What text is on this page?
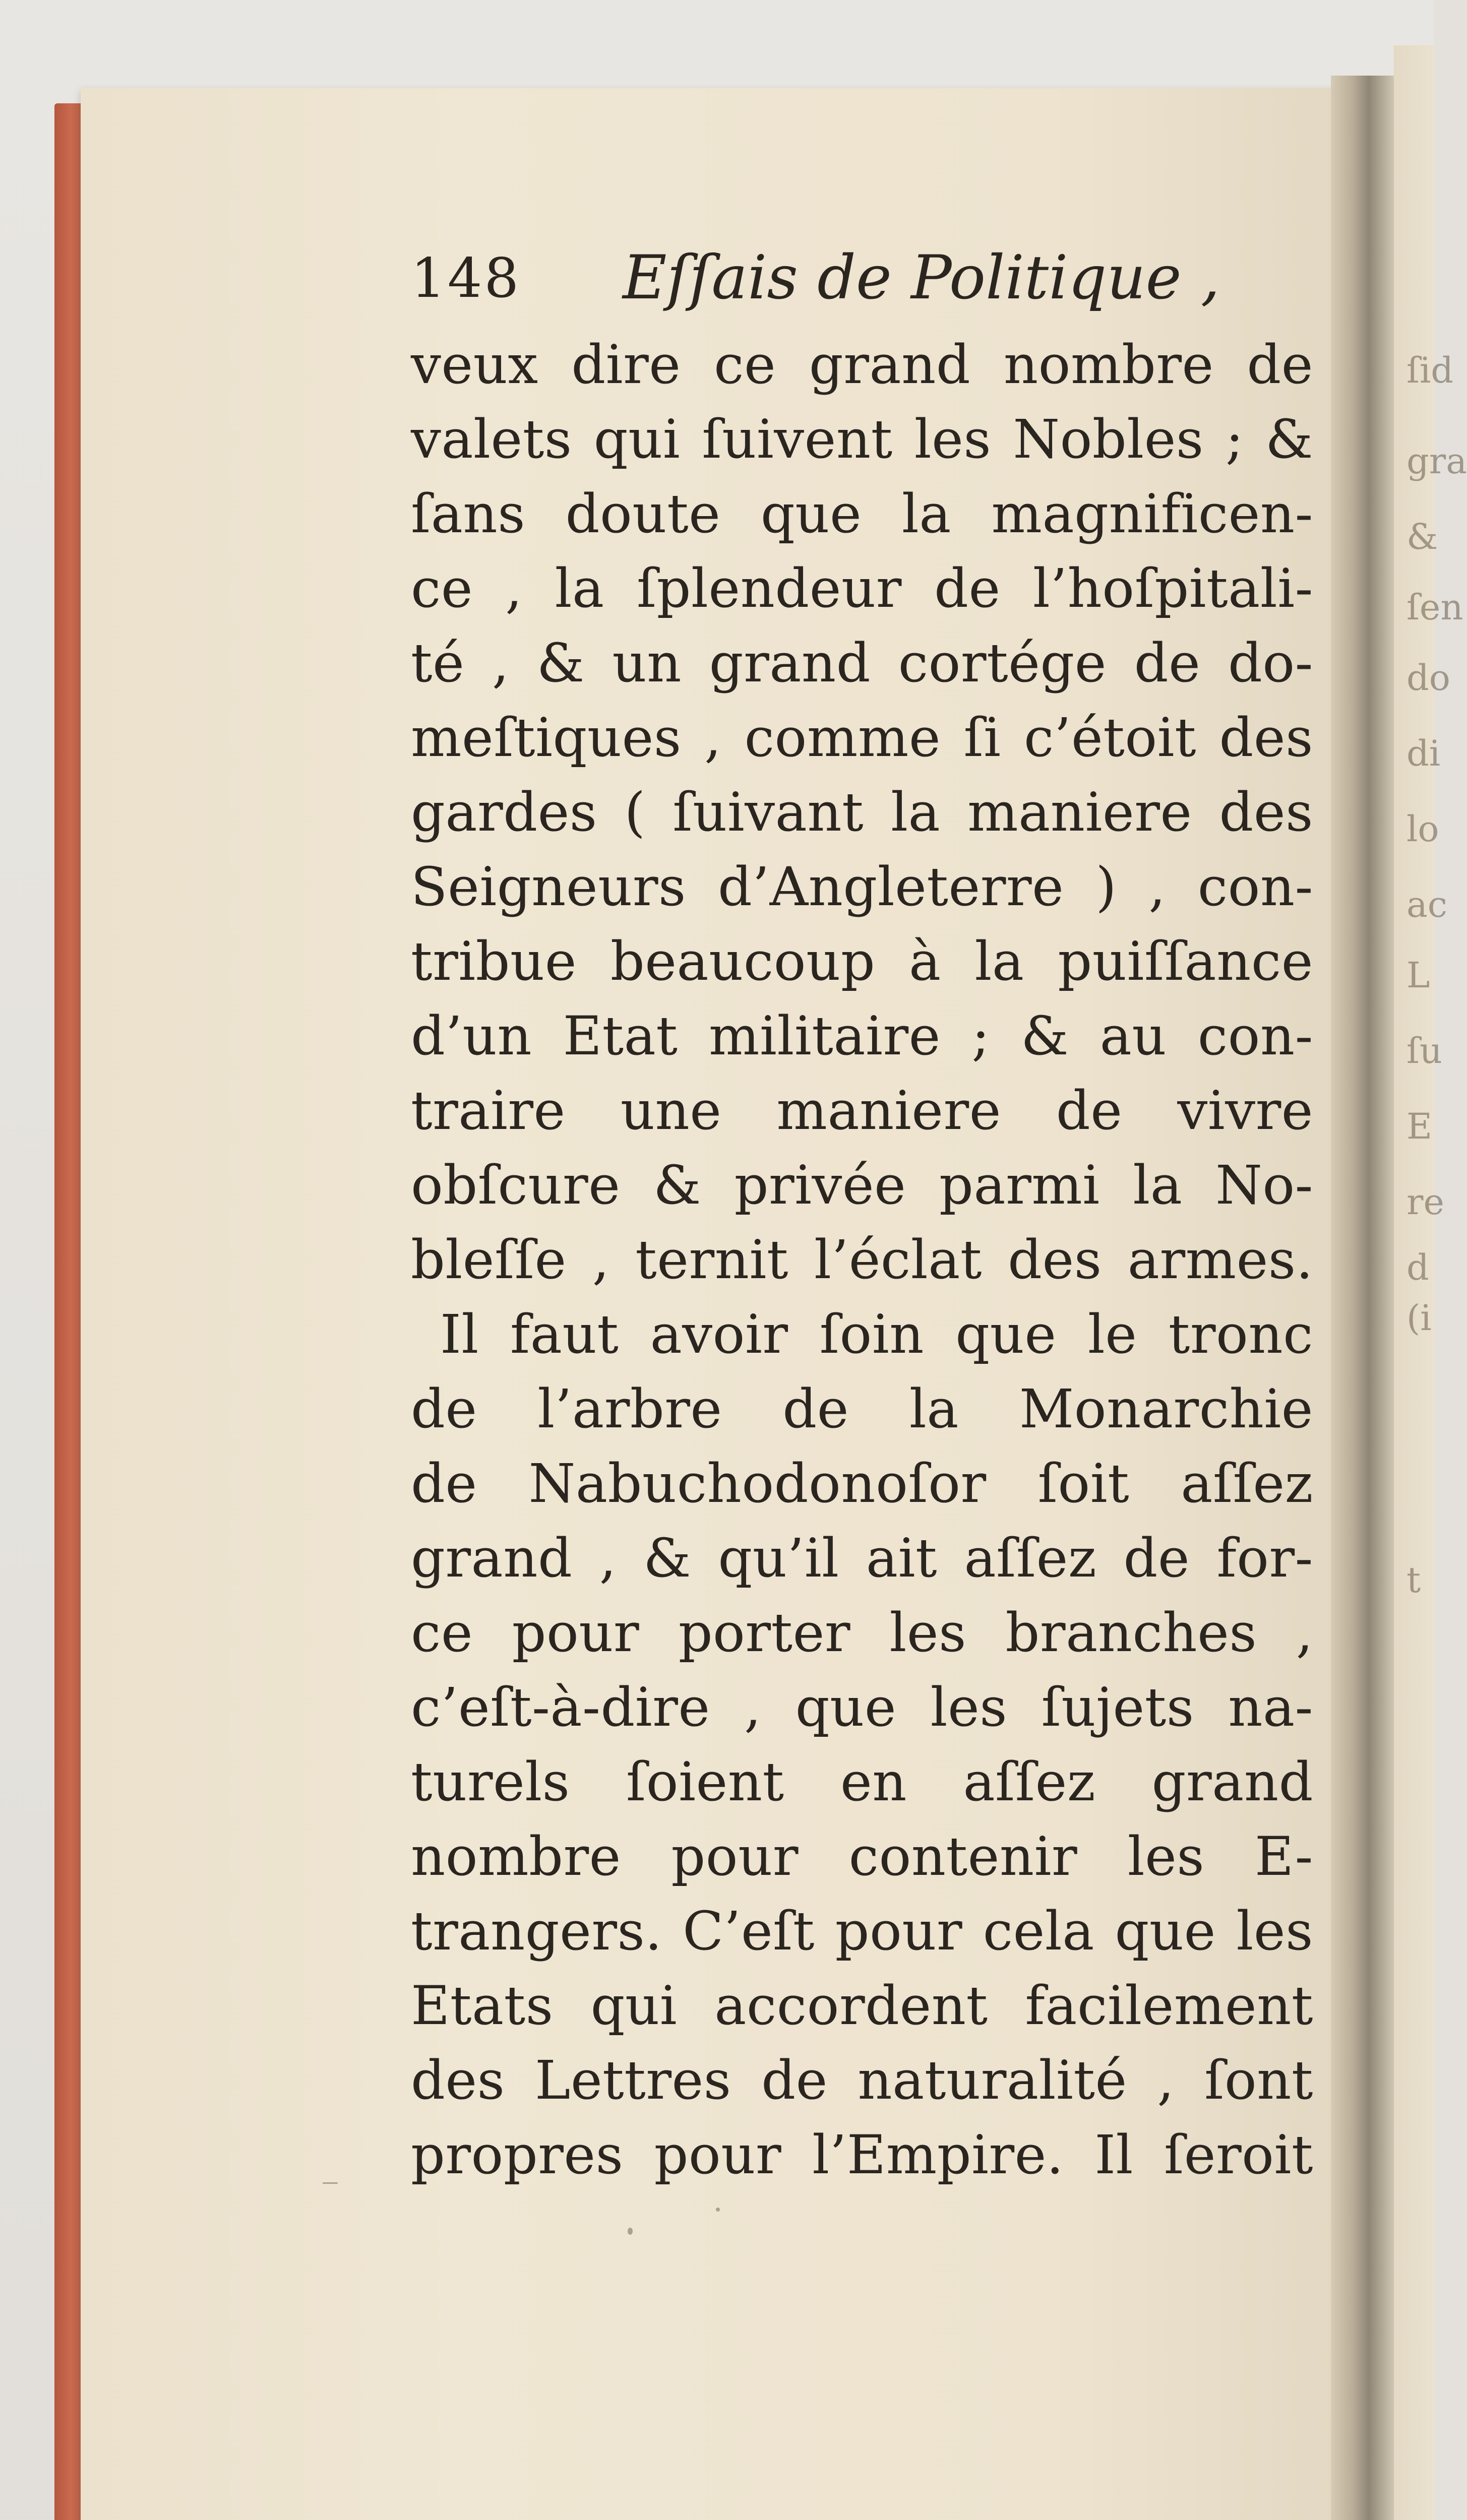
ſid
gra
&
ſen
do
di
lo
ac
L
ſu
E
re
d
(i
t
148 Eſſais de Politique ,
veux dire ce grand nombre de
valets qui ſuivent les Nobles ; &
ſans doute que la magnificen-
ce , la ſplendeur de l’hoſpitali-
té , & un grand cortége de do-
meſtiques , comme ſi c’étoit des
gardes ( ſuivant la maniere des
Seigneurs d’Angleterre ) , con-
tribue beaucoup à la puiſſance
d’un Etat militaire ; & au con-
traire une maniere de vivre
obſcure & privée parmi la No-
bleſſe , ternit l’éclat des armes.
Il faut avoir ſoin que le tronc
de l’arbre de la Monarchie
de Nabuchodonoſor ſoit aſſez
grand , & qu’il ait aſſez de for-
ce pour porter les branches ,
c’eſt-à-dire , que les ſujets na-
turels ſoient en aſſez grand
nombre pour contenir les E-
trangers. C’eſt pour cela que les
Etats qui accordent facilement
des Lettres de naturalité , ſont
propres pour l’Empire. Il ſeroit
